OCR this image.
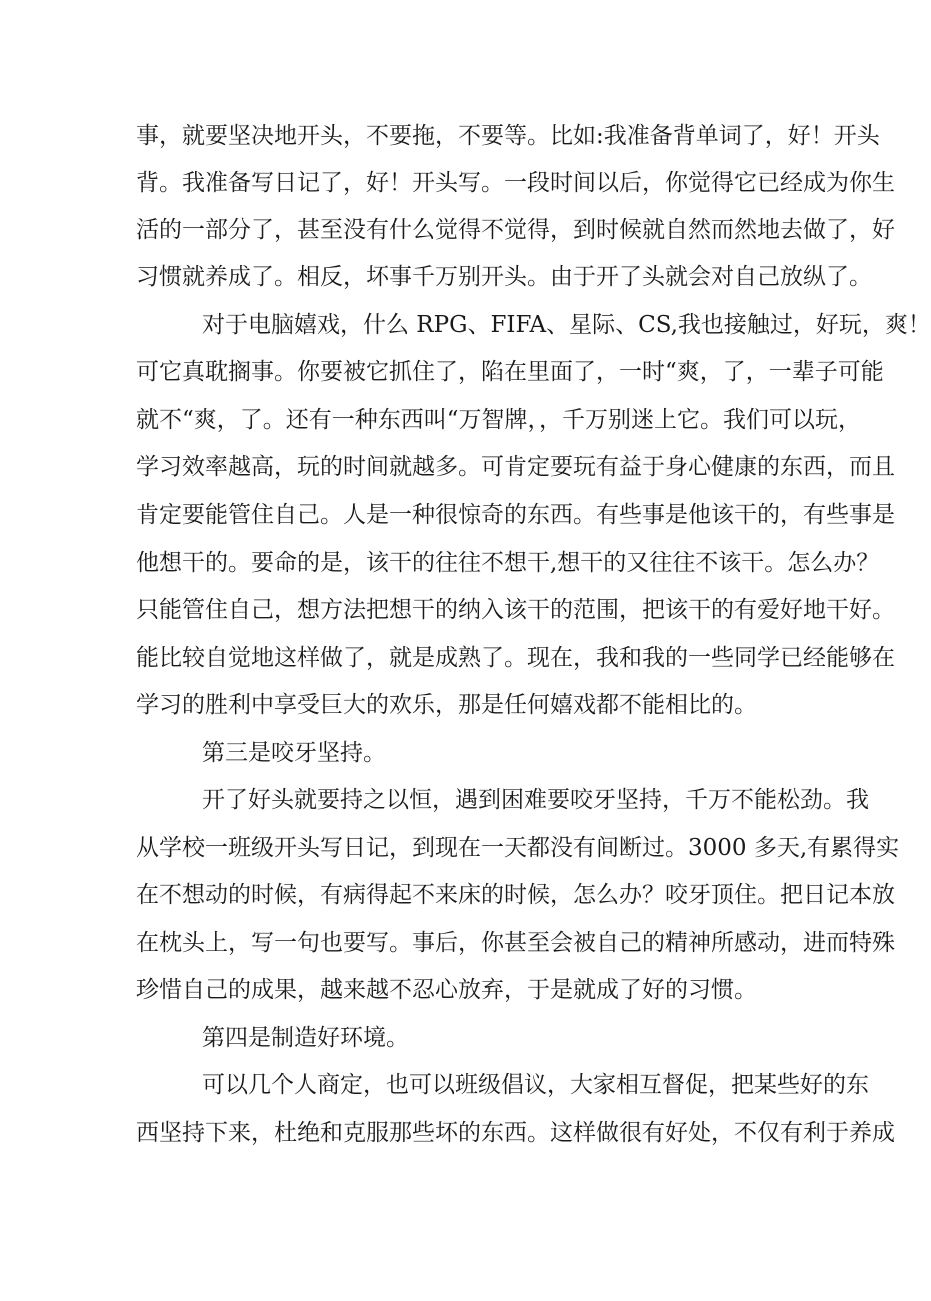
事，就要坚决地开头，不要拖，不要等。比如:我准备背单词了，好！开头
背。我准备写日记了，好！开头写。一段时间以后，你觉得它已经成为你生
活的一部分了，甚至没有什么觉得不觉得，到时候就自然而然地去做了，好
习惯就养成了。相反，坏事千万别开头。由于开了头就会对自己放纵了。
对于电脑嬉戏，什么 RPG、FIFA、星际、CS,我也接触过，好玩，爽！
可它真耽搁事。你要被它抓住了，陷在里面了，一时“爽，了，一辈子可能
就不“爽，了。还有一种东西叫“万智牌，，千万别迷上它。我们可以玩，
学习效率越高，玩的时间就越多。可肯定要玩有益于身心健康的东西，而且
肯定要能管住自己。人是一种很惊奇的东西。有些事是他该干的，有些事是
他想干的。要命的是，该干的往往不想干,想干的又往往不该干。怎么办？
只能管住自己，想方法把想干的纳入该干的范围，把该干的有爱好地干好。
能比较自觉地这样做了，就是成熟了。现在，我和我的一些同学已经能够在
学习的胜利中享受巨大的欢乐，那是任何嬉戏都不能相比的。
第三是咬牙坚持。
开了好头就要持之以恒，遇到困难要咬牙坚持，千万不能松劲。我
从学校一班级开头写日记，到现在一天都没有间断过。3000 多天,有累得实
在不想动的时候，有病得起不来床的时候，怎么办？咬牙顶住。把日记本放
在枕头上，写一句也要写。事后，你甚至会被自己的精神所感动，进而特殊
珍惜自己的成果，越来越不忍心放弃，于是就成了好的习惯。
第四是制造好环境。
可以几个人商定，也可以班级倡议，大家相互督促，把某些好的东
西坚持下来，杜绝和克服那些坏的东西。这样做很有好处，不仅有利于养成
